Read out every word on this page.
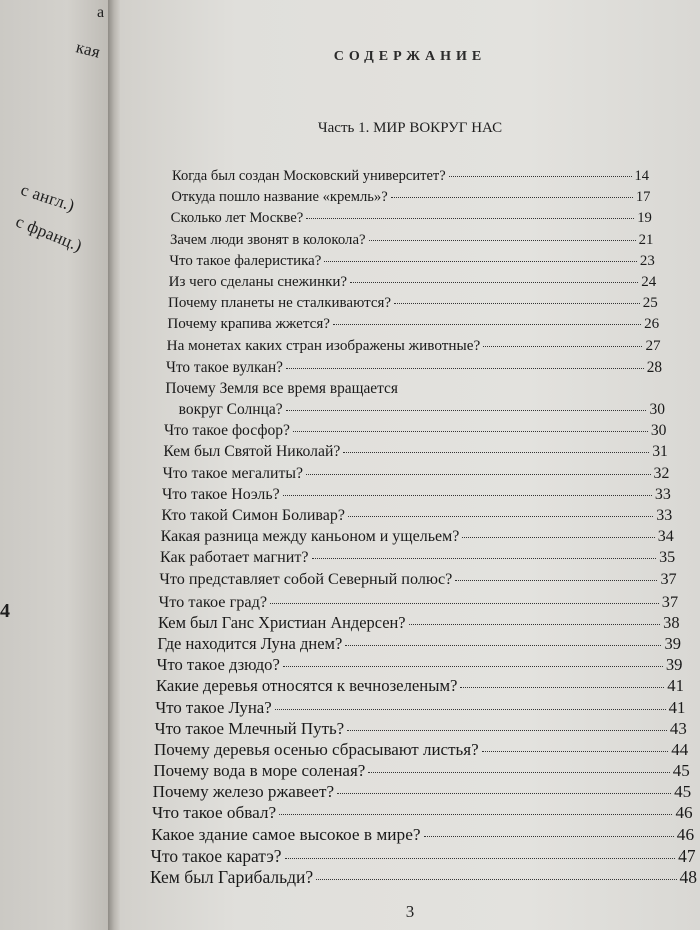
а
кая
с англ.)
с франц.)
4
СОДЕРЖАНИЕ
Часть 1. МИР ВОКРУГ НАС
Когда был создан Московский университет?	14
Откуда пошло название «кремль»?	17
Сколько лет Москве?	19
Зачем люди звонят в колокола?	21
Что такое фалеристика?	23
Из чего сделаны снежинки?	24
Почему планеты не сталкиваются?	25
Почему крапива жжется?	26
На монетах каких стран изображены животные?	27
Что такое вулкан?	28
Почему Земля все время вращается
вокруг Солнца?	30
Что такое фосфор?	30
Кем был Святой Николай?	31
Что такое мегалиты?	32
Что такое Ноэль?	33
Кто такой Симон Боливар?	33
Какая разница между каньоном и ущельем?	34
Как работает магнит?	35
Что представляет собой Северный полюс?	37
Что такое град?	37
Кем был Ганс Христиан Андерсен?	38
Где находится Луна днем?	39
Что такое дзюдо?	39
Какие деревья относятся к вечнозеленым?	41
Что такое Луна?	41
Что такое Млечный Путь?	43
Почему деревья осенью сбрасывают листья?	44
Почему вода в море соленая?	45
Почему железо ржавеет?	45
Что такое обвал?	46
Какое здание самое высокое в мире?	46
Что такое каратэ?	47
Кем был Гарибальди?	48
3
